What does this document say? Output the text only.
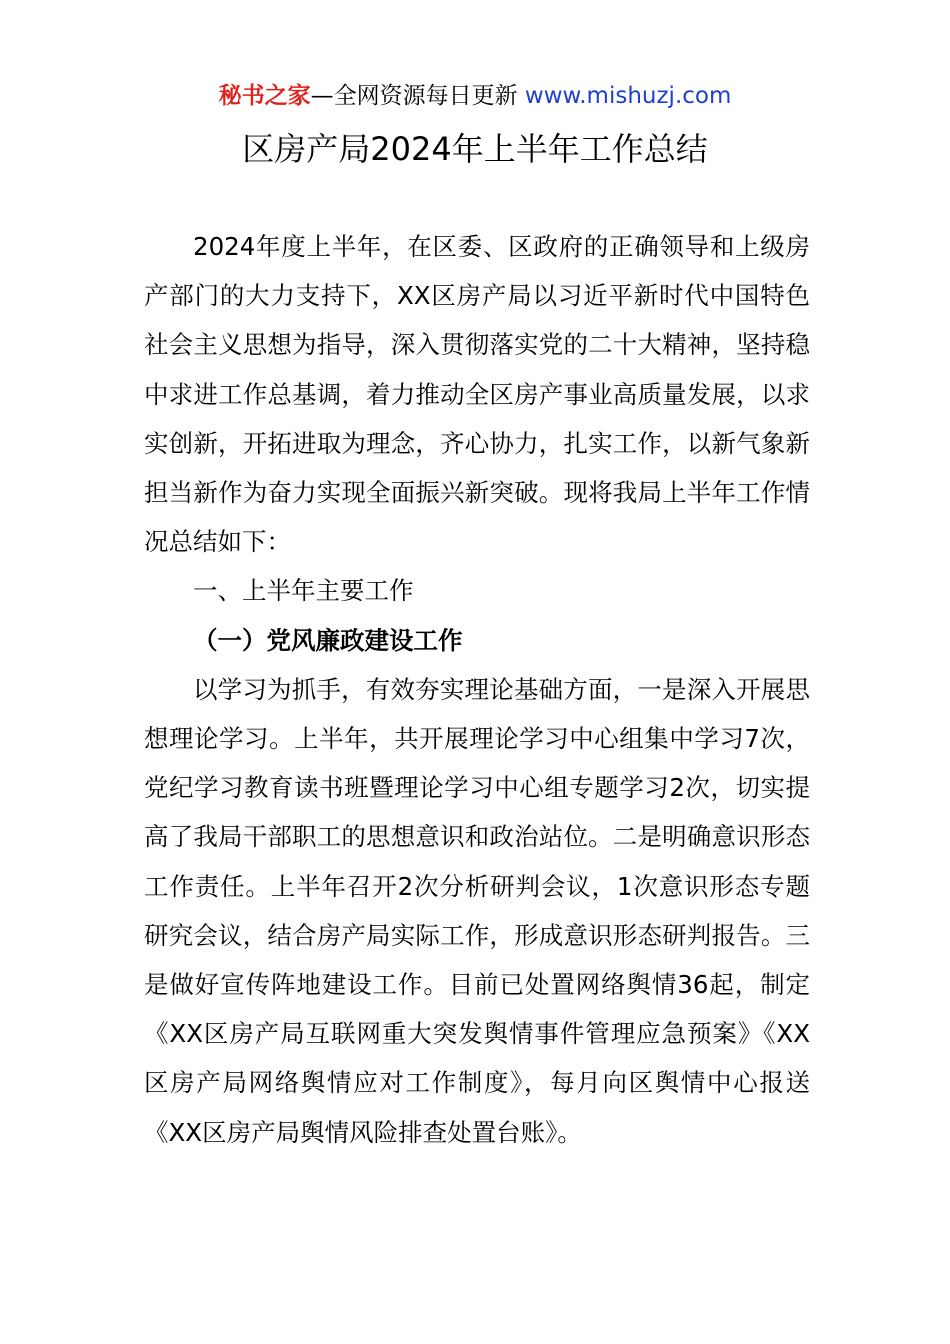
秘书之家—全网资源每日更新 www.mishuzj.com
区房产局2024年上半年工作总结

2024年度上半年，在区委、区政府的正确领导和上级房产部门的大力支持下，XX区房产局以习近平新时代中国特色社会主义思想为指导，深入贯彻落实党的二十大精神，坚持稳中求进工作总基调，着力推动全区房产事业高质量发展，以求实创新，开拓进取为理念，齐心协力，扎实工作，以新气象新担当新作为奋力实现全面振兴新突破。现将我局上半年工作情况总结如下：

一、上半年主要工作

（一）党风廉政建设工作

以学习为抓手，有效夯实理论基础方面，一是深入开展思想理论学习。上半年，共开展理论学习中心组集中学习7次，党纪学习教育读书班暨理论学习中心组专题学习2次，切实提高了我局干部职工的思想意识和政治站位。二是明确意识形态工作责任。上半年召开2次分析研判会议，1次意识形态专题研究会议，结合房产局实际工作，形成意识形态研判报告。三是做好宣传阵地建设工作。目前已处置网络舆情36起，制定《XX区房产局互联网重大突发舆情事件管理应急预案》《XX区房产局网络舆情应对工作制度》，每月向区舆情中心报送《XX区房产局舆情风险排查处置台账》。
